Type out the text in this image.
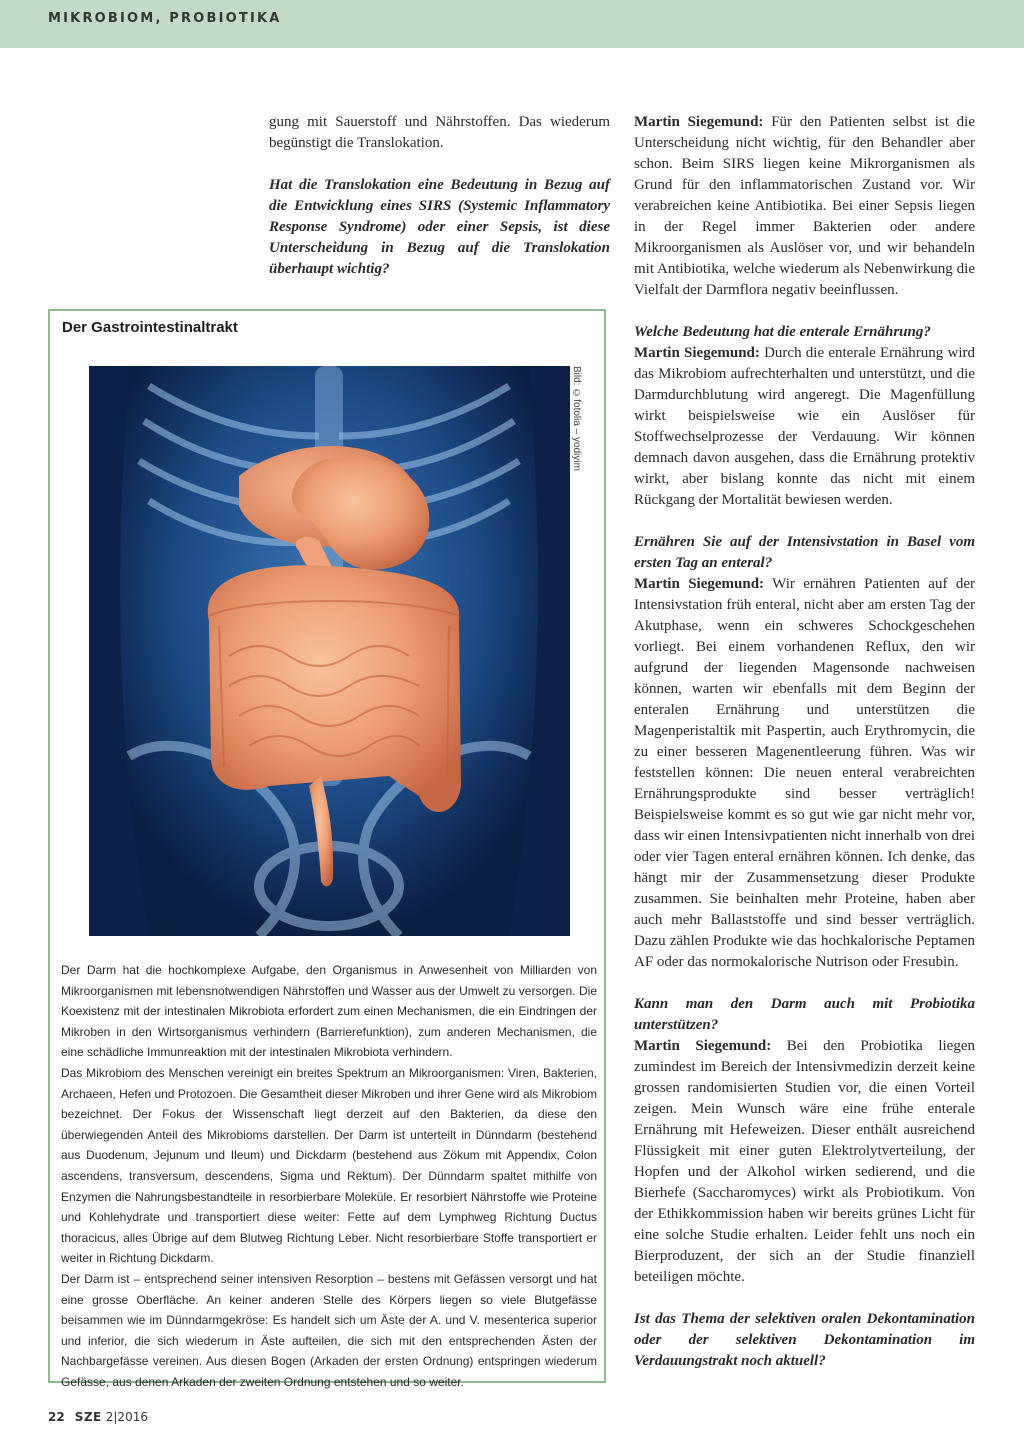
MIKROBIOM, PROBIOTIKA

gung mit Sauerstoff und Nährstoffen. Das wiederum begünstigt die Translokation.

Hat die Translokation eine Bedeutung in Bezug auf die Entwicklung eines SIRS (Systemic Inflammatory Response Syndrome) oder einer Sepsis, ist diese Unterscheidung in Bezug auf die Translokation überhaupt wichtig?

Der Gastrointestinaltrakt
Bild: ©fotolia – yodiyim

Der Darm hat die hochkomplexe Aufgabe, den Organismus in Anwesenheit von Milliarden von Mikroorganismen mit lebensnotwendigen Nährstoffen und Wasser aus der Umwelt zu versorgen. Die Koexistenz mit der intestinalen Mikrobiota erfordert zum einen Mechanismen, die ein Eindringen der Mikroben in den Wirtsorganismus verhindern (Barrierefunktion), zum anderen Mechanismen, die eine schädliche Immunreaktion mit der intestinalen Mikrobiota verhindern.

Das Mikrobiom des Menschen vereinigt ein breites Spektrum an Mikroorganismen: Viren, Bakterien, Archaeen, Hefen und Protozoen. Die Gesamtheit dieser Mikroben und ihrer Gene wird als Mikrobiom bezeichnet. Der Fokus der Wissenschaft liegt derzeit auf den Bakterien, da diese den überwiegenden Anteil des Mikrobioms darstellen. Der Darm ist unterteilt in Dünndarm (bestehend aus Duodenum, Jejunum und Ileum) und Dickdarm (bestehend aus Zökum mit Appendix, Colon ascendens, transversum, descendens, Sigma und Rektum). Der Dünndarm spaltet mithilfe von Enzymen die Nahrungsbestandteile in resorbierbare Moleküle. Er resorbiert Nährstoffe wie Proteine und Kohlehydrate und transportiert diese weiter: Fette auf dem Lymphweg Richtung Ductus thoracicus, alles Übrige auf dem Blutweg Richtung Leber. Nicht resorbierbare Stoffe transportiert er weiter in Richtung Dickdarm.

Der Darm ist – entsprechend seiner intensiven Resorption – bestens mit Gefässen versorgt und hat eine grosse Oberfläche. An keiner anderen Stelle des Körpers liegen so viele Blutgefässe beisammen wie im Dünndarmgekröse: Es handelt sich um Äste der A. und V. mesenterica superior und inferior, die sich wiederum in Äste aufteilen, die sich mit den entsprechenden Ästen der Nachbargefässe vereinen. Aus diesen Bogen (Arkaden der ersten Ordnung) entspringen wiederum Gefässe, aus denen Arkaden der zweiten Ordnung entstehen und so weiter.

Martin Siegemund: Für den Patienten selbst ist die Unterscheidung nicht wichtig, für den Behandler aber schon. Beim SIRS liegen keine Mikrorganismen als Grund für den inflammatorischen Zustand vor. Wir verabreichen keine Antibiotika. Bei einer Sepsis liegen in der Regel immer Bakterien oder andere Mikroorganismen als Auslöser vor, und wir behandeln mit Antibiotika, welche wiederum als Nebenwirkung die Vielfalt der Darmflora negativ beeinflussen.

Welche Bedeutung hat die enterale Ernährung?
Martin Siegemund: Durch die enterale Ernährung wird das Mikrobiom aufrechterhalten und unterstützt, und die Darmdurchblutung wird angeregt. Die Magenfüllung wirkt beispielsweise wie ein Auslöser für Stoffwechselprozesse der Verdauung. Wir können demnach davon ausgehen, dass die Ernährung protektiv wirkt, aber bislang konnte das nicht mit einem Rückgang der Mortalität bewiesen werden.

Ernähren Sie auf der Intensivstation in Basel vom ersten Tag an enteral?
Martin Siegemund: Wir ernähren Patienten auf der Intensivstation früh enteral, nicht aber am ersten Tag der Akutphase, wenn ein schweres Schockgeschehen vorliegt. Bei einem vorhandenen Reflux, den wir aufgrund der liegenden Magensonde nachweisen können, warten wir ebenfalls mit dem Beginn der enteralen Ernährung und unterstützen die Magenperistaltik mit Paspertin, auch Erythromycin, die zu einer besseren Magenentleerung führen. Was wir feststellen können: Die neuen enteral verabreichten Ernährungsprodukte sind besser verträglich! Beispielsweise kommt es so gut wie gar nicht mehr vor, dass wir einen Intensivpatienten nicht innerhalb von drei oder vier Tagen enteral ernähren können. Ich denke, das hängt mir der Zusammensetzung dieser Produkte zusammen. Sie beinhalten mehr Proteine, haben aber auch mehr Ballaststoffe und sind besser verträglich. Dazu zählen Produkte wie das hochkalorische Peptamen AF oder das normokalorische Nutrison oder Fresubin.

Kann man den Darm auch mit Probiotika unterstützen?
Martin Siegemund: Bei den Probiotika liegen zumindest im Bereich der Intensivmedizin derzeit keine grossen randomisierten Studien vor, die einen Vorteil zeigen. Mein Wunsch wäre eine frühe enterale Ernährung mit Hefeweizen. Dieser enthält ausreichend Flüssigkeit mit einer guten Elektrolytverteilung, der Hopfen und der Alkohol wirken sedierend, und die Bierhefe (Saccharomyces) wirkt als Probiotikum. Von der Ethikkommission haben wir bereits grünes Licht für eine solche Studie erhalten. Leider fehlt uns noch ein Bierproduzent, der sich an der Studie finanziell beteiligen möchte.

Ist das Thema der selektiven oralen Dekontamination oder der selektiven Dekontamination im Verdauungstrakt noch aktuell?

22 SZE 2|2016
